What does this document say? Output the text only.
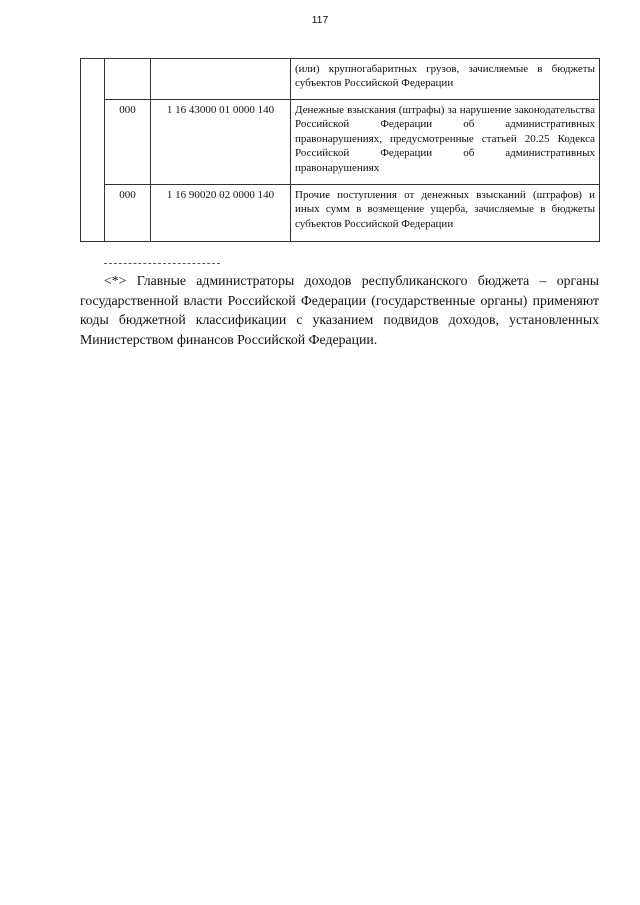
117
			(или) крупногабаритных грузов, зачисляемые в бюджеты субъектов Российской Федерации
	000	1 16 43000 01 0000 140	Денежные взыскания (штрафы) за нарушение законодательства Российской Федерации об административных правонарушениях, предусмотренные статьей 20.25 Кодекса Российской Федерации об административных правонарушениях
	000	1 16 90020 02 0000 140	Прочие поступления от денежных взысканий (штрафов) и иных сумм в возмещение ущерба, зачисляемые в бюджеты субъектов Российской Федерации

<*> Главные администраторы доходов республиканского бюджета – органы государственной власти Российской Федерации (государственные органы) применяют коды бюджетной классификации с указанием подвидов доходов, установленных Министерством финансов Российской Федерации.
